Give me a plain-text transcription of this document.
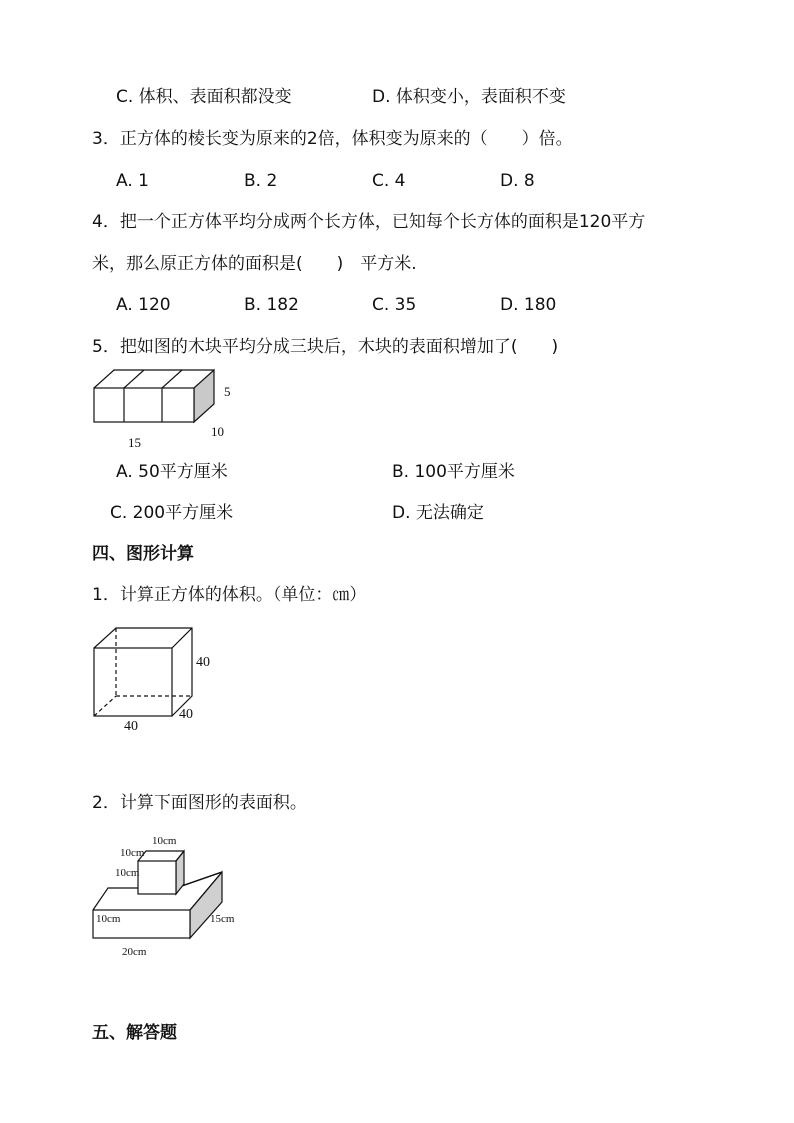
C. 体积、表面积都没变	D. 体积变小，表面积不变
3．正方体的棱长变为原来的2倍，体积变为原来的（　　）倍。
A. 1	B. 2	C. 4	D. 8
4．把一个正方体平均分成两个长方体，已知每个长方体的面积是120平方
米，那么原正方体的面积是(　　)　平方米.
A. 120	B. 182	C. 35	D. 180
5．把如图的木块平均分成三块后，木块的表面积增加了(　　)
5
15
10
A. 50平方厘米	B. 100平方厘米
C. 200平方厘米	D. 无法确定
四、图形计算
1．计算正方体的体积。（单位：㎝）
40
40
40
2．计算下面图形的表面积。
10cm
10cm
10cm
10cm	15cm
20cm
五、解答题
